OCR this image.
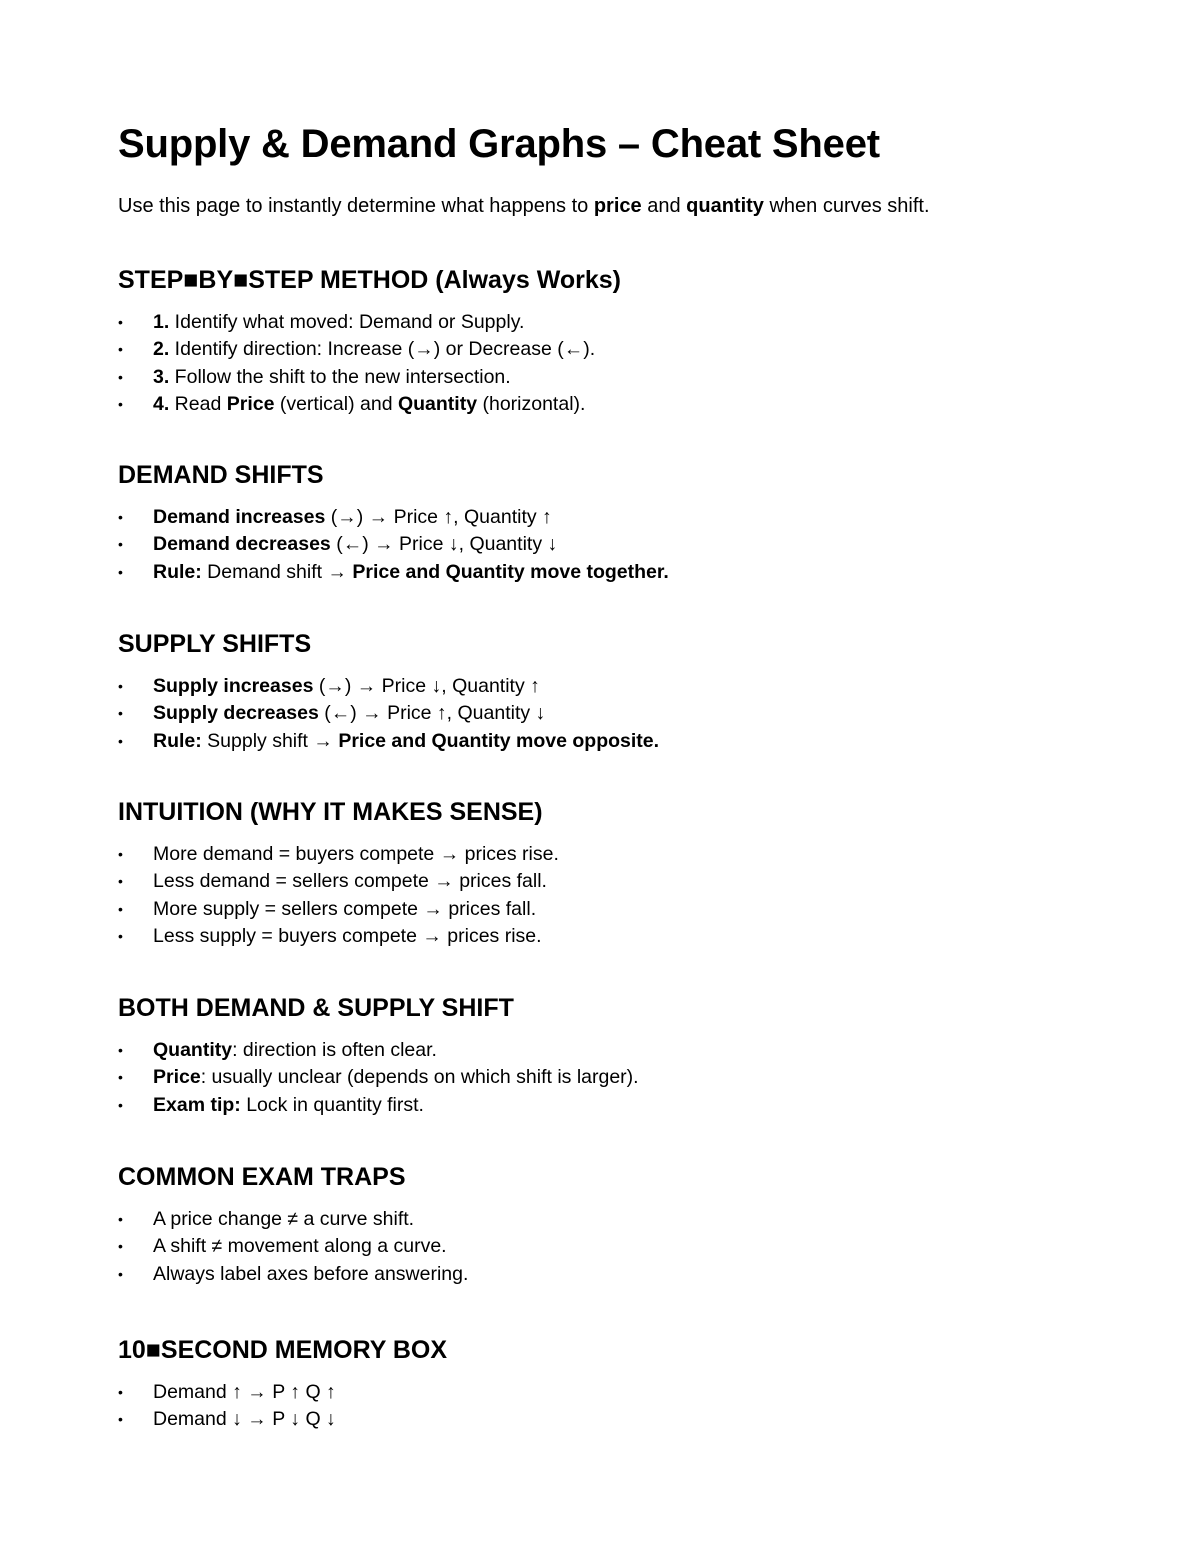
Supply & Demand Graphs – Cheat Sheet

Use this page to instantly determine what happens to price and quantity when curves shift.

STEP■BY■STEP METHOD (Always Works)
• 1. Identify what moved: Demand or Supply.
• 2. Identify direction: Increase (→) or Decrease (←).
• 3. Follow the shift to the new intersection.
• 4. Read Price (vertical) and Quantity (horizontal).
DEMAND SHIFTS
• Demand increases (→) → Price ↑, Quantity ↑
• Demand decreases (←) → Price ↓, Quantity ↓
• Rule: Demand shift → Price and Quantity move together.
SUPPLY SHIFTS
• Supply increases (→) → Price ↓, Quantity ↑
• Supply decreases (←) → Price ↑, Quantity ↓
• Rule: Supply shift → Price and Quantity move opposite.
INTUITION (WHY IT MAKES SENSE)
• More demand = buyers compete → prices rise.
• Less demand = sellers compete → prices fall.
• More supply = sellers compete → prices fall.
• Less supply = buyers compete → prices rise.
BOTH DEMAND & SUPPLY SHIFT
• Quantity: direction is often clear.
• Price: usually unclear (depends on which shift is larger).
• Exam tip: Lock in quantity first.
COMMON EXAM TRAPS
• A price change ≠ a curve shift.
• A shift ≠ movement along a curve.
• Always label axes before answering.
10■SECOND MEMORY BOX
• Demand ↑ → P ↑ Q ↑
• Demand ↓ → P ↓ Q ↓
